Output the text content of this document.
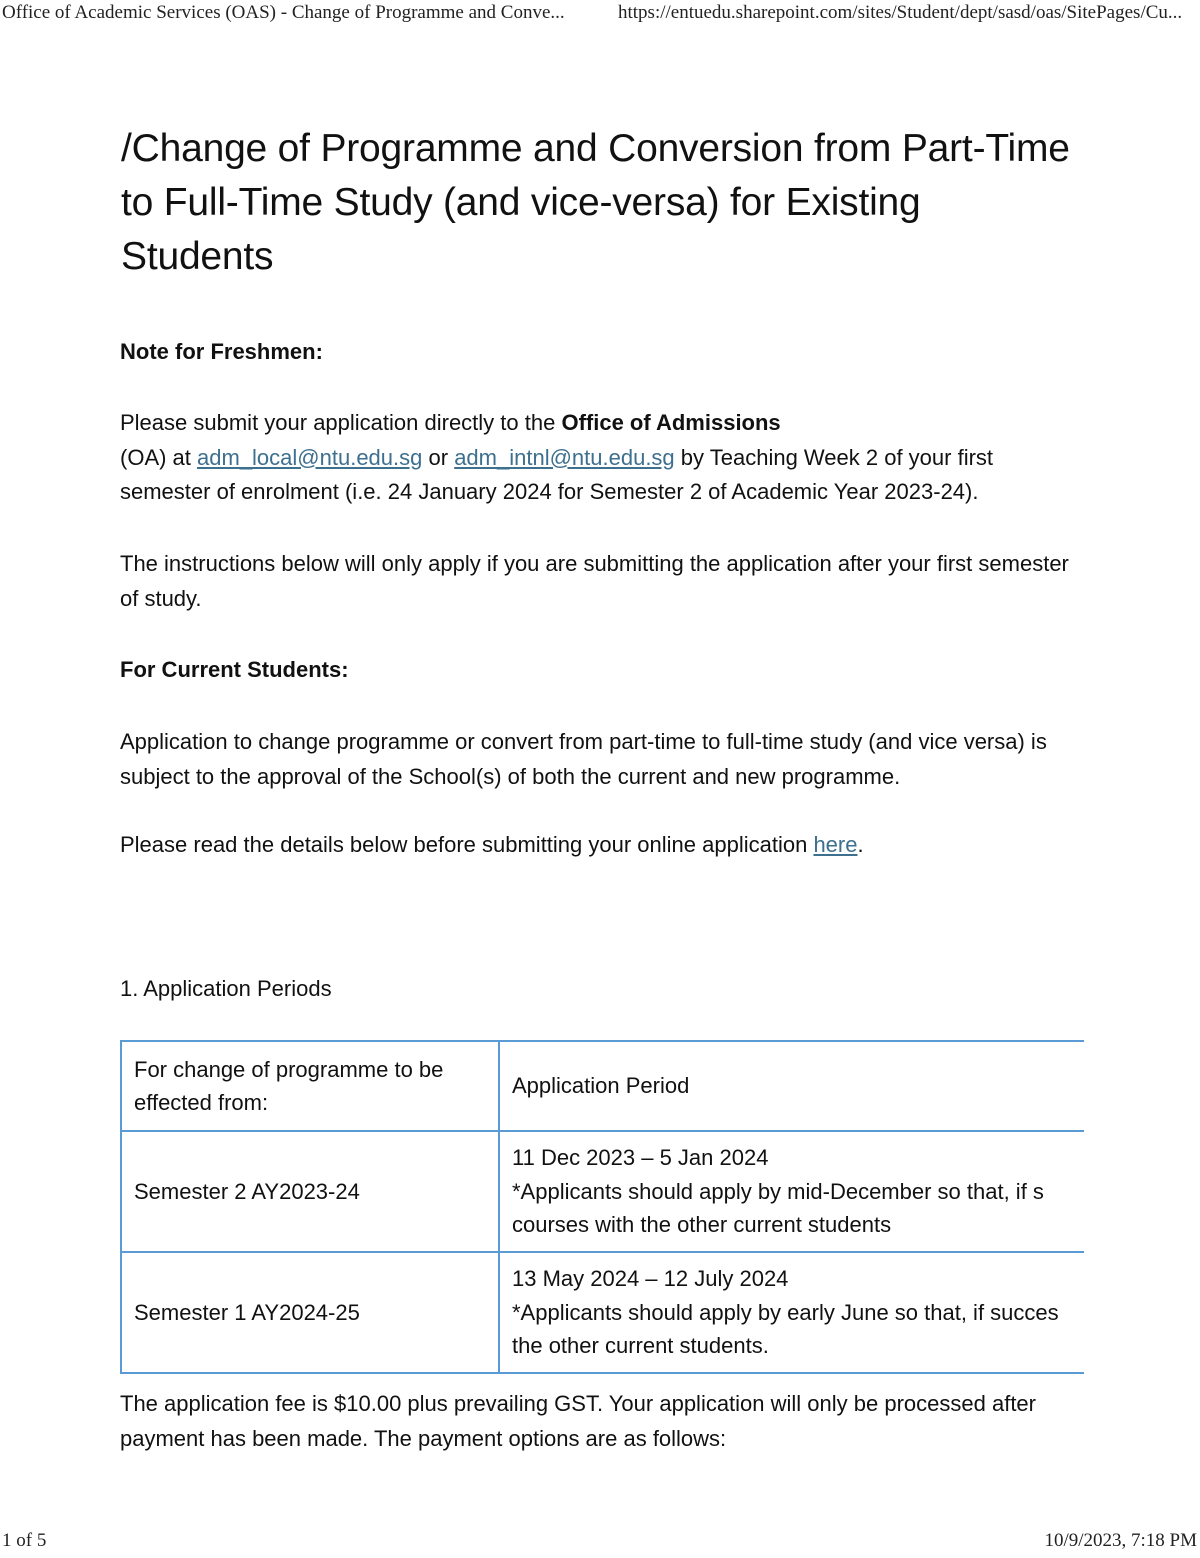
Office of Academic Services (OAS) - Change of Programme and Conve...	https://entuedu.sharepoint.com/sites/Student/dept/sasd/oas/SitePages/Cu...
/Change of Programme and Conversion from Part-Time to Full-Time Study (and vice-versa) for Existing Students

Note for Freshmen:

Please submit your application directly to the Office of Admissions
(OA) at adm_local@ntu.edu.sg or adm_intnl@ntu.edu.sg by Teaching Week 2 of your first semester of enrolment (i.e. 24 January 2024 for Semester 2 of Academic Year 2023-24).

The instructions below will only apply if you are submitting the application after your first semester of study.

For Current Students:

Application to change programme or convert from part-time to full-time study (and vice versa) is subject to the approval of the School(s) of both the current and new programme.

Please read the details below before submitting your online application here.

1. Application Periods

For change of programme to be effected from:	Application Period

Semester 2 AY2023-24	11 Dec 2023 – 5 Jan 2024
*Applicants should apply by mid-December so that, if s
courses with the other current students

Semester 1 AY2024-25	13 May 2024 – 12 July 2024
*Applicants should apply by early June so that, if succes
the other current students.

The application fee is $10.00 plus prevailing GST. Your application will only be processed after payment has been made. The payment options are as follows:

1 of 5	10/9/2023, 7:18 PM
